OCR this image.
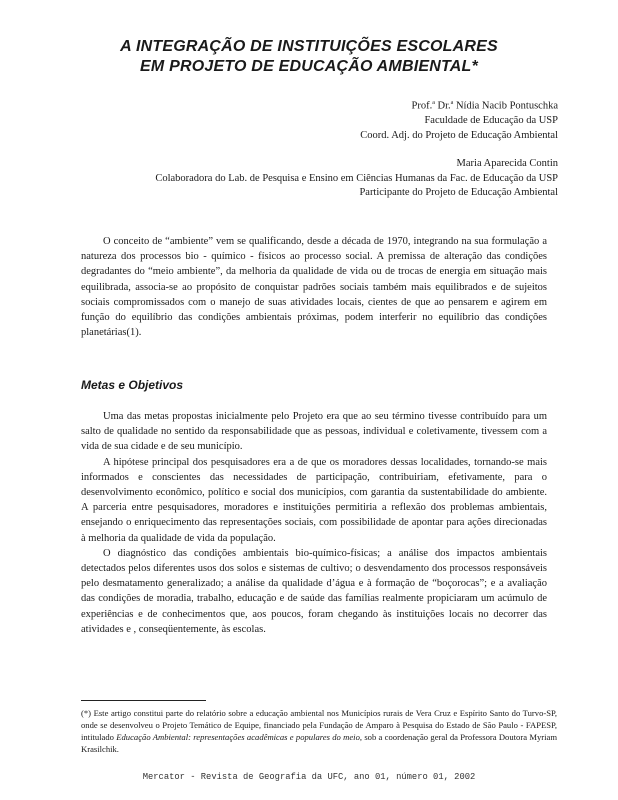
A INTEGRAÇÃO DE INSTITUIÇÕES ESCOLARES
EM PROJETO DE EDUCAÇÃO AMBIENTAL*
Prof.$^a$ Dr.$^a$ Nídia Nacib Pontuschka
Faculdade de Educação da USP
Coord. Adj. do Projeto de Educação Ambiental
Maria Aparecida Contin
Colaboradora do Lab. de Pesquisa e Ensino em Ciências Humanas da Fac. de Educação da USP
Participante do Projeto de Educação Ambiental

O conceito de “ambiente” vem se qualificando, desde a década de 1970, integrando na sua formulação a natureza dos processos bio - químico - físicos ao processo social. A premissa de alteração das condições degradantes do “meio ambiente”, da melhoria da qualidade de vida ou de trocas de energia em situação mais equilibrada, associa-se ao propósito de conquistar padrões sociais também mais equilibrados e de sujeitos sociais compromissados com o manejo de suas atividades locais, cientes de que ao pensarem e agirem em função do equilíbrio das condições ambientais próximas, podem interferir no equilíbrio das condições planetárias(1).

Metas e Objetivos

Uma das metas propostas inicialmente pelo Projeto era que ao seu término tivesse contribuído para um salto de qualidade no sentido da responsabilidade que as pessoas, individual e coletivamente, tivessem com a vida de sua cidade e de seu município.

A hipótese principal dos pesquisadores era a de que os moradores dessas localidades, tornando-se mais informados e conscientes das necessidades de participação, contribuiriam, efetivamente, para o desenvolvimento econômico, político e social dos municípios, com garantia da sustentabilidade do ambiente. A parceria entre pesquisadores, moradores e instituições permitiria a reflexão dos problemas ambientais, ensejando o enriquecimento das representações sociais, com possibilidade de apontar para ações direcionadas à melhoria da qualidade de vida da população.

O diagnóstico das condições ambientais bio-químico-físicas; a análise dos impactos ambientais detectados pelos diferentes usos dos solos e sistemas de cultivo; o desvendamento dos processos responsáveis pelo desmatamento generalizado; a análise da qualidade d’água e à formação de “boçorocas”; e a avaliação das condições de moradia, trabalho, educação e de saúde das famílias realmente propiciaram um acúmulo de experiências e de conhecimentos que, aos poucos, foram chegando às instituições locais no decorrer das atividades e , conseqüentemente, às escolas.

(*) Este artigo constitui parte do relatório sobre a educação ambiental nos Municípios rurais de Vera Cruz e Espírito Santo do Turvo-SP, onde se desenvolveu o Projeto Temático de Equipe, financiado pela Fundação de Amparo à Pesquisa do Estado de São Paulo - FAPESP, intitulado Educação Ambiental: representações acadêmicas e populares do meio, sob a coordenação geral da Professora Doutora Myriam Krasilchik.
Mercator - Revista de Geografia da UFC, ano 01, número 01, 2002
